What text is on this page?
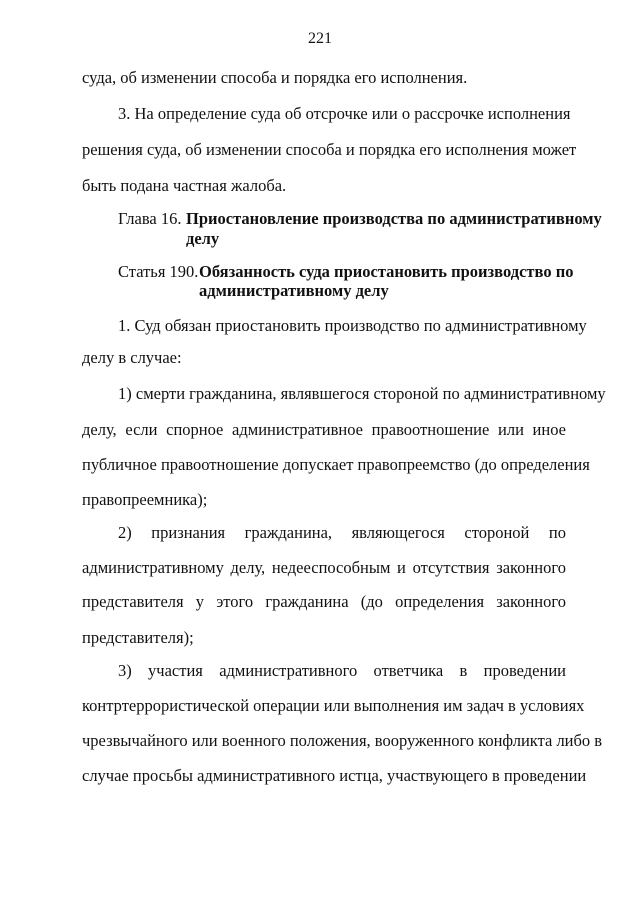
221
суда, об изменении способа и порядка его исполнения.
3. На определение суда об отсрочке или о рассрочке исполнения
решения суда, об изменении способа и порядка его исполнения может
быть подана частная жалоба.
Глава 16. Приостановление производства по административному
делу
Статья 190. Обязанность суда приостановить производство по
административному делу
1. Суд обязан приостановить производство по административному
делу в случае:
1) смерти гражданина, являвшегося стороной по административному
делу, если спорное административное правоотношение или иное
публичное правоотношение допускает правопреемство (до определения
правопреемника);
2) признания гражданина, являющегося стороной по
административному делу, недееспособным и отсутствия законного
представителя у этого гражданина (до определения законного
представителя);
3) участия административного ответчика в проведении
контртеррористической операции или выполнения им задач в условиях
чрезвычайного или военного положения, вооруженного конфликта либо в
случае просьбы административного истца, участвующего в проведении
